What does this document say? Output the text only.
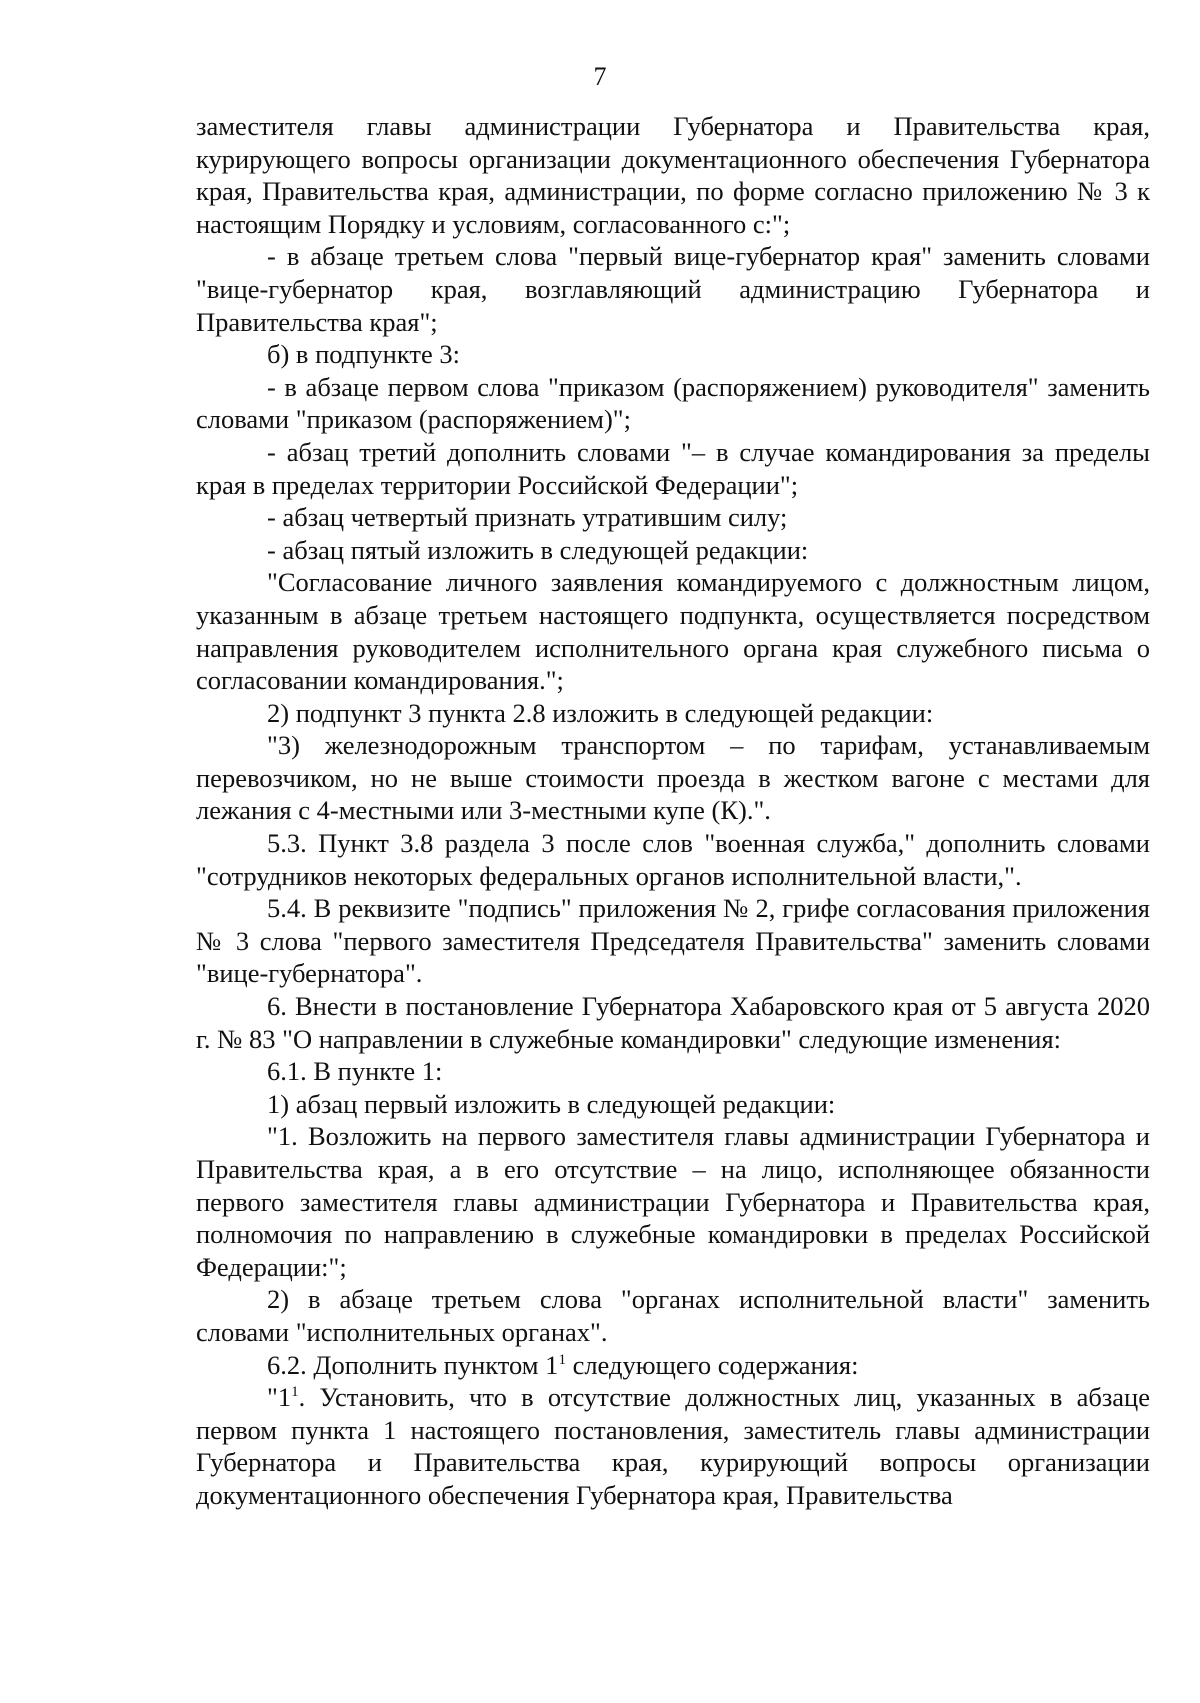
7

заместителя главы администрации Губернатора и Правительства края, курирующего вопросы организации документационного обеспечения Губернатора края, Правительства края, администрации, по форме согласно приложению № 3 к настоящим Порядку и условиям, согласованного с:";

- в абзаце третьем слова "первый вице-губернатор края" заменить словами "вице-губернатор края, возглавляющий администрацию Губернатора и Правительства края";

б) в подпункте 3:

- в абзаце первом слова "приказом (распоряжением) руководителя" заменить словами "приказом (распоряжением)";

- абзац третий дополнить словами "– в случае командирования за пределы края в пределах территории Российской Федерации";

- абзац четвертый признать утратившим силу;

- абзац пятый изложить в следующей редакции:

"Согласование личного заявления командируемого с должностным лицом, указанным в абзаце третьем настоящего подпункта, осуществляется посредством направления руководителем исполнительного органа края служебного письма о согласовании командирования.";

2) подпункт 3 пункта 2.8 изложить в следующей редакции:

"3) железнодорожным транспортом – по тарифам, устанавливаемым перевозчиком, но не выше стоимости проезда в жестком вагоне с местами для лежания с 4-местными или 3-местными купе (К).".

5.3. Пункт 3.8 раздела 3 после слов "военная служба," дополнить словами "сотрудников некоторых федеральных органов исполнительной власти,".

5.4. В реквизите "подпись" приложения № 2, грифе согласования приложения № 3 слова "первого заместителя Председателя Правительства" заменить словами "вице-губернатора".

6. Внести в постановление Губернатора Хабаровского края от 5 августа 2020 г. № 83 "О направлении в служебные командировки" следующие изменения:

6.1. В пункте 1:

1) абзац первый изложить в следующей редакции:

"1. Возложить на первого заместителя главы администрации Губернатора и Правительства края, а в его отсутствие – на лицо, исполняющее обязанности первого заместителя главы администрации Губернатора и Правительства края, полномочия по направлению в служебные командировки в пределах Российской Федерации:";

2) в абзаце третьем слова "органах исполнительной власти" заменить словами "исполнительных органах".

6.2. Дополнить пунктом $1^1$ следующего содержания:

"$1^1$. Установить, что в отсутствие должностных лиц, указанных в абзаце первом пункта 1 настоящего постановления, заместитель главы администрации Губернатора и Правительства края, курирующий вопросы организации документационного обеспечения Губернатора края, Правительства
